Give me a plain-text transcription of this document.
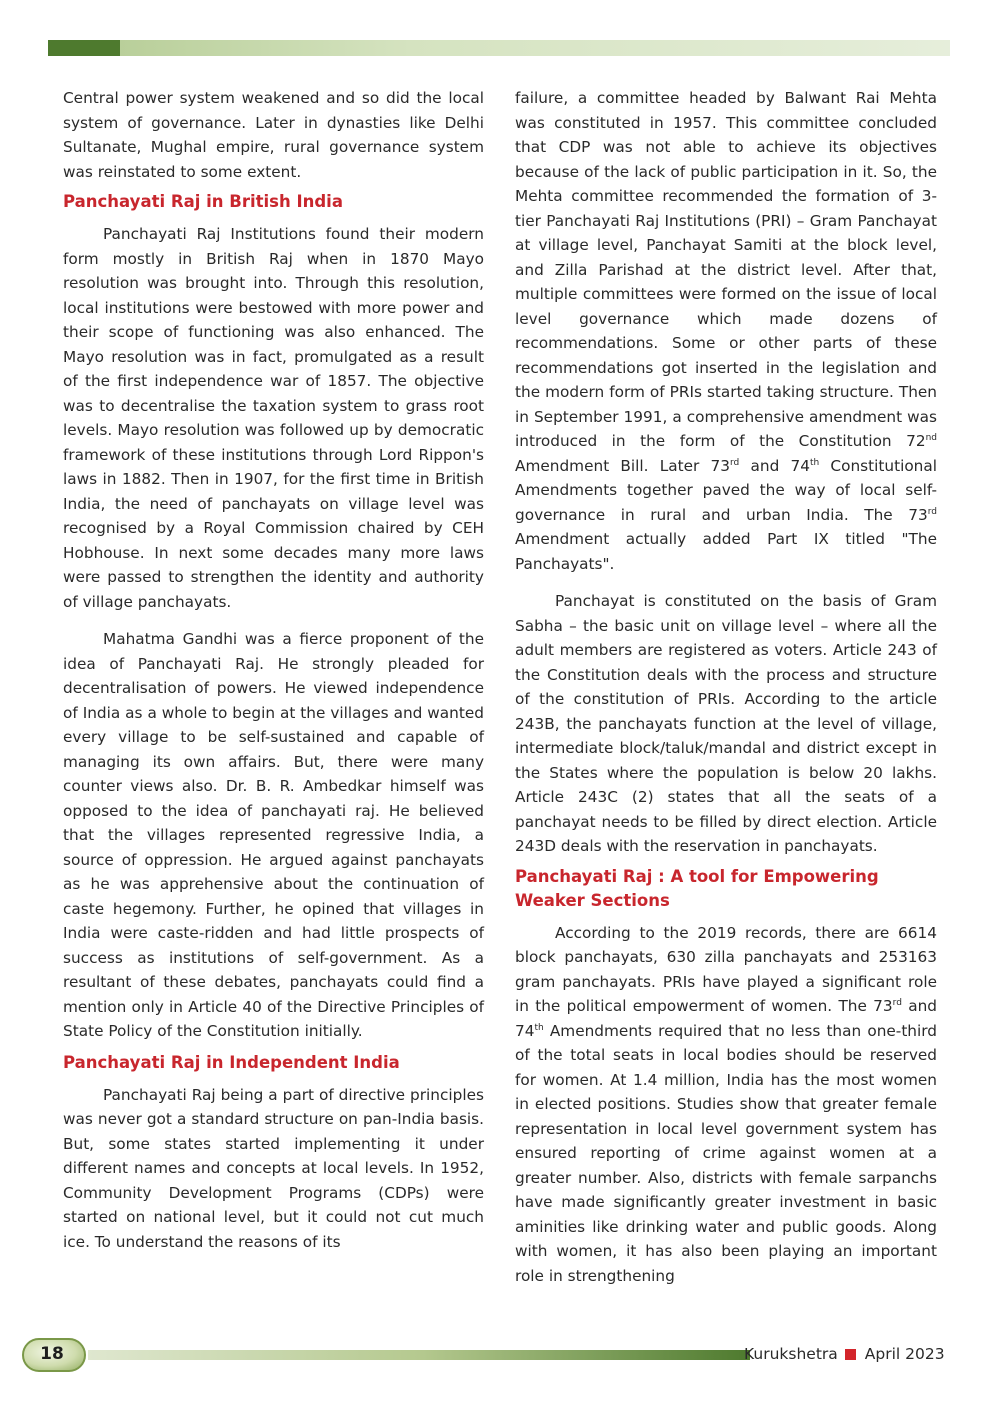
Central power system weakened and so did the local system of governance. Later in dynasties like Delhi Sultanate, Mughal empire, rural governance system was reinstated to some extent.

Panchayati Raj in British India

Panchayati Raj Institutions found their modern form mostly in British Raj when in 1870 Mayo resolution was brought into. Through this resolution, local institutions were bestowed with more power and their scope of functioning was also enhanced. The Mayo resolution was in fact, promulgated as a result of the first independence war of 1857. The objective was to decentralise the taxation system to grass root levels. Mayo resolution was followed up by democratic framework of these institutions through Lord Rippon's laws in 1882. Then in 1907, for the first time in British India, the need of panchayats on village level was recognised by a Royal Commission chaired by CEH Hobhouse. In next some decades many more laws were passed to strengthen the identity and authority of village panchayats.

Mahatma Gandhi was a fierce proponent of the idea of Panchayati Raj. He strongly pleaded for decentralisation of powers. He viewed independence of India as a whole to begin at the villages and wanted every village to be self-sustained and capable of managing its own affairs. But, there were many counter views also. Dr. B. R. Ambedkar himself was opposed to the idea of panchayati raj. He believed that the villages represented regressive India, a source of oppression. He argued against panchayats as he was apprehensive about the continuation of caste hegemony. Further, he opined that villages in India were caste-ridden and had little prospects of success as institutions of self-government. As a resultant of these debates, panchayats could find a mention only in Article 40 of the Directive Principles of State Policy of the Constitution initially.

Panchayati Raj in Independent India

Panchayati Raj being a part of directive principles was never got a standard structure on pan-India basis. But, some states started implementing it under different names and concepts at local levels. In 1952, Community Development Programs (CDPs) were started on national level, but it could not cut much ice. To understand the reasons of its

failure, a committee headed by Balwant Rai Mehta was constituted in 1957. This committee concluded that CDP was not able to achieve its objectives because of the lack of public participation in it. So, the Mehta committee recommended the formation of 3-tier Panchayati Raj Institutions (PRI) – Gram Panchayat at village level, Panchayat Samiti at the block level, and Zilla Parishad at the district level. After that, multiple committees were formed on the issue of local level governance which made dozens of recommendations. Some or other parts of these recommendations got inserted in the legislation and the modern form of PRIs started taking structure. Then in September 1991, a comprehensive amendment was introduced in the form of the Constitution 72nd Amendment Bill. Later 73rd and 74th Constitutional Amendments together paved the way of local self-governance in rural and urban India. The 73rd Amendment actually added Part IX titled "The Panchayats".

Panchayat is constituted on the basis of Gram Sabha – the basic unit on village level – where all the adult members are registered as voters. Article 243 of the Constitution deals with the process and structure of the constitution of PRIs. According to the article 243B, the panchayats function at the level of village, intermediate block/taluk/mandal and district except in the States where the population is below 20 lakhs. Article 243C (2) states that all the seats of a panchayat needs to be filled by direct election. Article 243D deals with the reservation in panchayats.

Panchayati Raj : A tool for Empowering Weaker Sections

According to the 2019 records, there are 6614 block panchayats, 630 zilla panchayats and 253163 gram panchayats. PRIs have played a significant role in the political empowerment of women. The 73rd and 74th Amendments required that no less than one-third of the total seats in local bodies should be reserved for women. At 1.4 million, India has the most women in elected positions. Studies show that greater female representation in local level government system has ensured reporting of crime against women at a greater number. Also, districts with female sarpanchs have made significantly greater investment in basic aminities like drinking water and public goods. Along with women, it has also been playing an important role in strengthening

18	Kurukshetra April 2023
